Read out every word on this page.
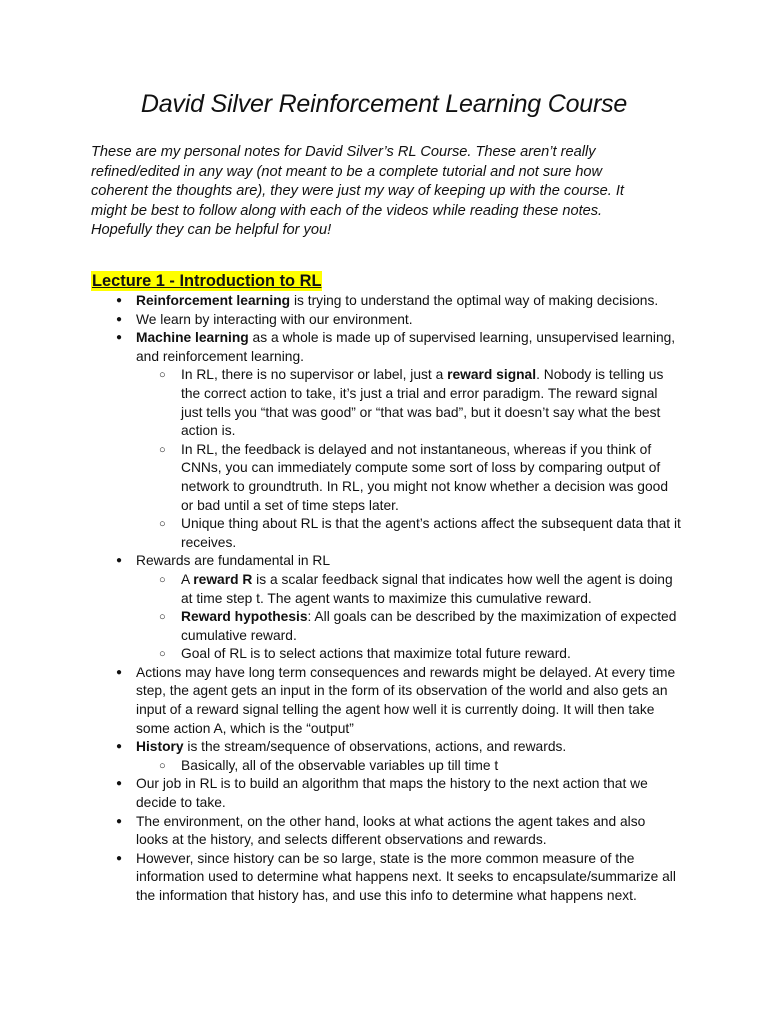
David Silver Reinforcement Learning Course
These are my personal notes for David Silver’s RL Course. These aren’t really refined/edited in any way (not meant to be a complete tutorial and not sure how coherent the thoughts are), they were just my way of keeping up with the course. It might be best to follow along with each of the videos while reading these notes. Hopefully they can be helpful for you!
Lecture 1 - Introduction to RL
● Reinforcement learning is trying to understand the optimal way of making decisions.
● We learn by interacting with our environment.
● Machine learning as a whole is made up of supervised learning, unsupervised learning, and reinforcement learning.
○ In RL, there is no supervisor or label, just a reward signal. Nobody is telling us the correct action to take, it’s just a trial and error paradigm. The reward signal just tells you “that was good” or “that was bad”, but it doesn’t say what the best action is.
○ In RL, the feedback is delayed and not instantaneous, whereas if you think of CNNs, you can immediately compute some sort of loss by comparing output of network to groundtruth. In RL, you might not know whether a decision was good or bad until a set of time steps later.
○ Unique thing about RL is that the agent’s actions affect the subsequent data that it receives.
● Rewards are fundamental in RL
○ A reward R is a scalar feedback signal that indicates how well the agent is doing at time step t. The agent wants to maximize this cumulative reward.
○ Reward hypothesis: All goals can be described by the maximization of expected cumulative reward.
○ Goal of RL is to select actions that maximize total future reward.
● Actions may have long term consequences and rewards might be delayed. At every time step, the agent gets an input in the form of its observation of the world and also gets an input of a reward signal telling the agent how well it is currently doing. It will then take some action A, which is the “output”
● History is the stream/sequence of observations, actions, and rewards.
○ Basically, all of the observable variables up till time t
● Our job in RL is to build an algorithm that maps the history to the next action that we decide to take.
● The environment, on the other hand, looks at what actions the agent takes and also looks at the history, and selects different observations and rewards.
● However, since history can be so large, state is the more common measure of the information used to determine what happens next. It seeks to encapsulate/summarize all the information that history has, and use this info to determine what happens next.
